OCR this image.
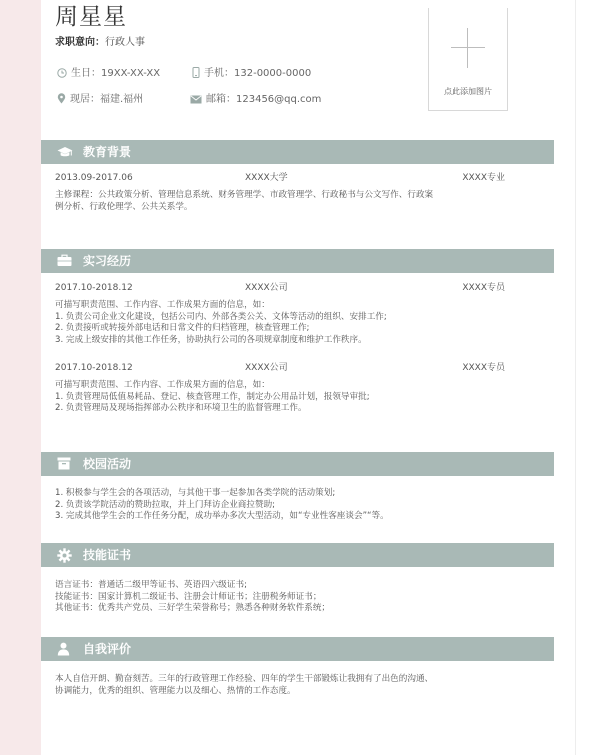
周星星
求职意向：行政人事
生日：19XX-XX-XX	手机：132-0000-0000
现居：福建.福州	邮箱：123456@qq.com
点此添加图片
教育背景
2013.09-2017.06	XXXX大学	XXXX专业
主修课程：公共政策分析、管理信息系统、财务管理学、市政管理学、行政秘书与公文写作、行政案
例分析、行政伦理学、公共关系学。
实习经历
2017.10-2018.12	XXXX公司	XXXX专员
可描写职责范围、工作内容、工作成果方面的信息，如：
1. 负责公司企业文化建设，包括公司内、外部各类公关、文体等活动的组织、安排工作;
2. 负责接听或转接外部电话和日常文件的归档管理，核查管理工作;
3. 完成上级安排的其他工作任务，协助执行公司的各项规章制度和维护工作秩序。
2017.10-2018.12	XXXX公司	XXXX专员
可描写职责范围、工作内容、工作成果方面的信息，如：
1. 负责管理局低值易耗品、登记、核查管理工作，制定办公用品计划，报领导审批;
2. 负责管理局及现场指挥部办公秩序和环境卫生的监督管理工作。
校园活动
1. 积极参与学生会的各项活动，与其他干事一起参加各类学院的活动策划;
2. 负责该学院活动的赞助拉取，并上门拜访企业商拉赞助;
3. 完成其他学生会的工作任务分配，成功举办多次大型活动，如“专业性客座谈会”“等。
技能证书
语言证书：普通话二级甲等证书、英语四六级证书;
技能证书：国家计算机二级证书、注册会计师证书；注册税务师证书；
其他证书：优秀共产党员、三好学生荣誉称号；熟悉各种财务软件系统；
自我评价
本人自信开朗、勤奋刻苦。三年的行政管理工作经验、四年的学生干部锻炼让我拥有了出色的沟通、
协调能力，优秀的组织、管理能力以及细心、热情的工作态度。
